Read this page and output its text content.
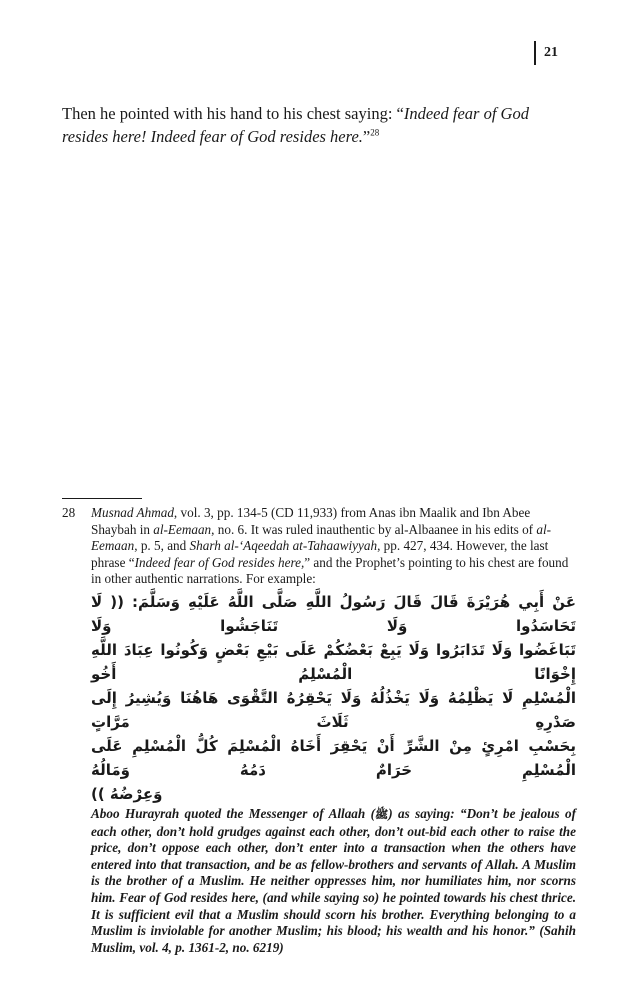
21

Then he pointed with his hand to his chest saying: “Indeed fear of God resides here! Indeed fear of God resides here.”$^{28}$

28 Musnad Ahmad, vol. 3, pp. 134-5 (CD 11,933) from Anas ibn Maalik and Ibn Abee Shaybah in al-Eemaan, no. 6. It was ruled inauthentic by al-Albaanee in his edits of al-Eemaan, p. 5, and Sharh al-‘Aqeedah at-Tahaawiyyah, pp. 427, 434. However, the last phrase “Indeed fear of God resides here,” and the Prophet’s pointing to his chest are found in other authentic narrations. For example:

عَنْ أَبِي هُرَيْرَةَ قَالَ قَالَ رَسُولُ اللَّهِ صَلَّى اللَّهُ عَلَيْهِ وَسَلَّمَ: (( لَا تَحَاسَدُوا وَلَا تَنَاجَشُوا وَلَا
تَبَاغَضُوا وَلَا تَدَابَرُوا وَلَا يَبِعْ بَعْضُكُمْ عَلَى بَيْعِ بَعْضٍ وَكُونُوا عِبَادَ اللَّهِ إِخْوَانًا الْمُسْلِمُ أَخُو
الْمُسْلِمِ لَا يَظْلِمُهُ وَلَا يَخْذُلُهُ وَلَا يَحْقِرُهُ التَّقْوَى هَاهُنَا وَيُشِيرُ إِلَى صَدْرِهِ ثَلَاثَ مَرَّاتٍ
بِحَسْبِ امْرِئٍ مِنْ الشَّرِّ أَنْ يَحْقِرَ أَخَاهُ الْمُسْلِمَ كُلُّ الْمُسْلِمِ عَلَى الْمُسْلِمِ حَرَامٌ دَمُهُ وَمَالُهُ
وَعِرْضُهُ ))

Aboo Hurayrah quoted the Messenger of Allaah (ﷺ) as saying: “Don’t be jealous of each other, don’t hold grudges against each other, don’t out-bid each other to raise the price, don’t oppose each other, don’t enter into a transaction when the others have entered into that transaction, and be as fellow-brothers and servants of Allah. A Muslim is the brother of a Muslim. He neither oppresses him, nor humiliates him, nor scorns him. Fear of God resides here, (and while saying so) he pointed towards his chest thrice. It is sufficient evil that a Muslim should scorn his brother. Everything belonging to a Muslim is inviolable for another Muslim; his blood; his wealth and his honor.” (Sahih Muslim, vol. 4, p. 1361-2, no. 6219)
